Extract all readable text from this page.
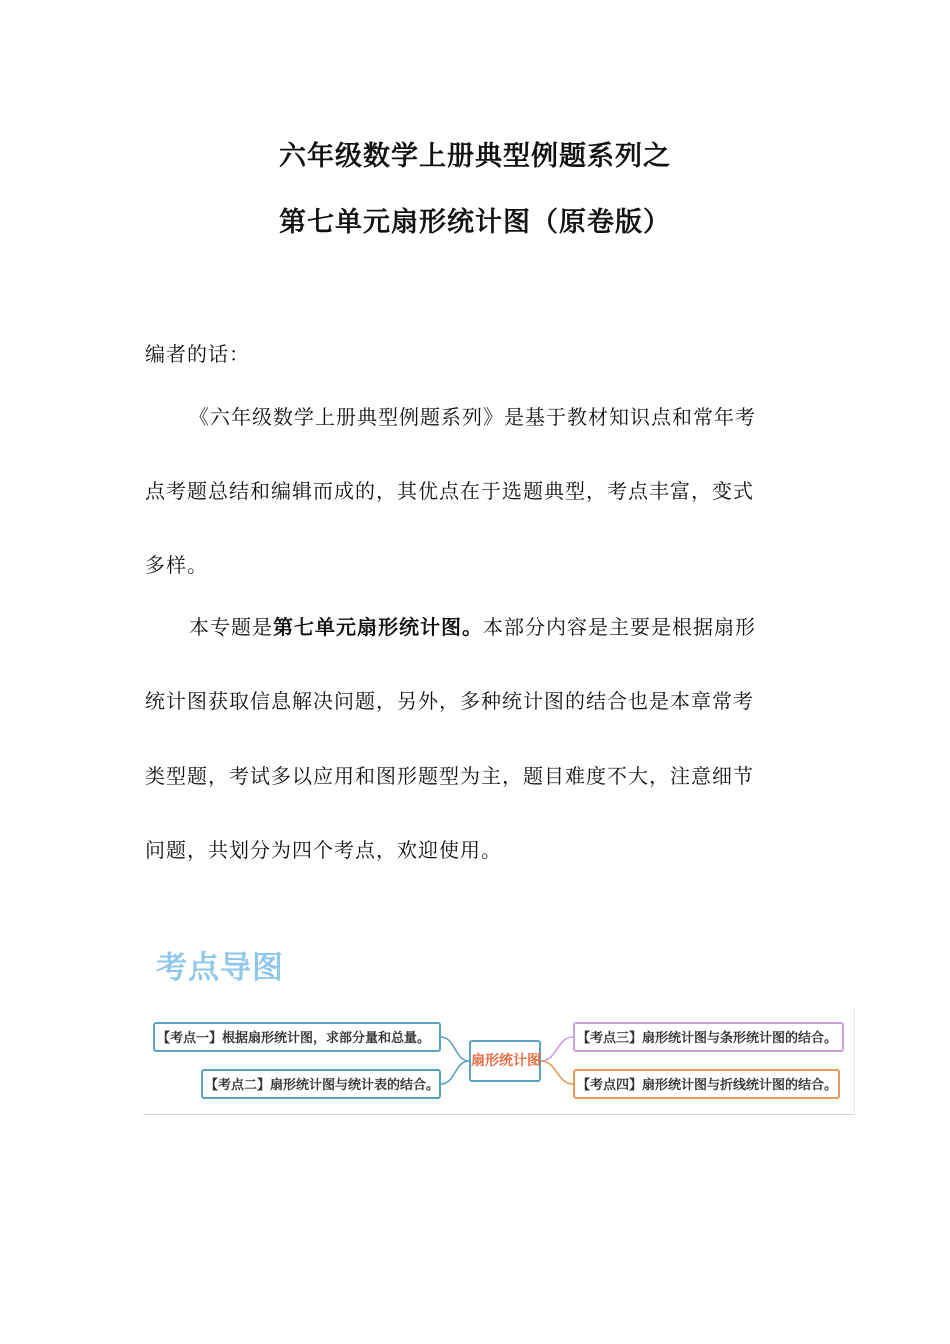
六年级数学上册典型例题系列之
第七单元扇形统计图（原卷版）
编者的话：
《六年级数学上册典型例题系列》是基于教材知识点和常年考
点考题总结和编辑而成的，其优点在于选题典型，考点丰富，变式
多样。
本专题是第七单元扇形统计图。本部分内容是主要是根据扇形
统计图获取信息解决问题，另外，多种统计图的结合也是本章常考
类型题，考试多以应用和图形题型为主，题目难度不大，注意细节
问题，共划分为四个考点，欢迎使用。
考点导图
【考点一】根据扇形统计图，求部分量和总量。
【考点二】扇形统计图与统计表的结合。
扇形统计图
【考点三】扇形统计图与条形统计图的结合。
【考点四】扇形统计图与折线统计图的结合。
